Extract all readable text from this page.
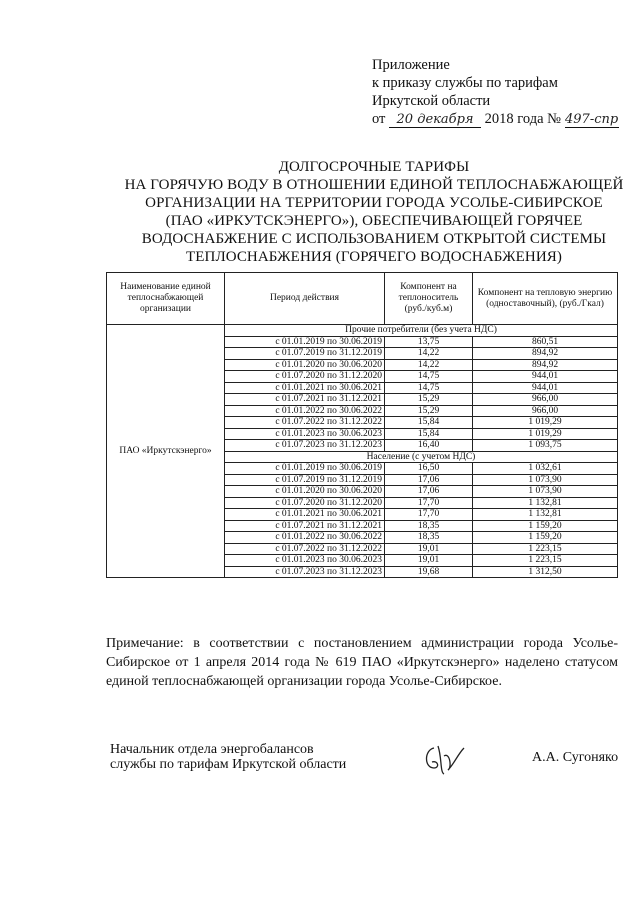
Приложение
к приказу службы по тарифам
Иркутской области
от 20 декабря 2018 года № 497-спр
ДОЛГОСРОЧНЫЕ ТАРИФЫ
НА ГОРЯЧУЮ ВОДУ В ОТНОШЕНИИ ЕДИНОЙ ТЕПЛОСНАБЖАЮЩЕЙ
ОРГАНИЗАЦИИ НА ТЕРРИТОРИИ ГОРОДА УСОЛЬЕ-СИБИРСКОЕ
(ПАО «ИРКУТСКЭНЕРГО»), ОБЕСПЕЧИВАЮЩЕЙ ГОРЯЧЕЕ
ВОДОСНАБЖЕНИЕ С ИСПОЛЬЗОВАНИЕМ ОТКРЫТОЙ СИСТЕМЫ
ТЕПЛОСНАБЖЕНИЯ (ГОРЯЧЕГО ВОДОСНАБЖЕНИЯ)
Наименование единой теплоснабжающей организации	Период действия	Компонент на теплоноситель (руб./куб.м)	Компонент на тепловую энергию (одноставочный), (руб./Гкал)
ПАО «Иркутскэнерго»	Прочие потребители (без учета НДС)		
	с 01.01.2019 по 30.06.2019	13,75	860,51
	с 01.07.2019 по 31.12.2019	14,22	894,92
	с 01.01.2020 по 30.06.2020	14,22	894,92
	с 01.07.2020 по 31.12.2020	14,75	944,01
	с 01.01.2021 по 30.06.2021	14,75	944,01
	с 01.07.2021 по 31.12.2021	15,29	966,00
	с 01.01.2022 по 30.06.2022	15,29	966,00
	с 01.07.2022 по 31.12.2022	15,84	1 019,29
	с 01.01.2023 по 30.06.2023	15,84	1 019,29
	с 01.07.2023 по 31.12.2023	16,40	1 093,75
	Население (с учетом НДС)		
	с 01.01.2019 по 30.06.2019	16,50	1 032,61
	с 01.07.2019 по 31.12.2019	17,06	1 073,90
	с 01.01.2020 по 30.06.2020	17,06	1 073,90
	с 01.07.2020 по 31.12.2020	17,70	1 132,81
	с 01.01.2021 по 30.06.2021	17,70	1 132,81
	с 01.07.2021 по 31.12.2021	18,35	1 159,20
	с 01.01.2022 по 30.06.2022	18,35	1 159,20
	с 01.07.2022 по 31.12.2022	19,01	1 223,15
	с 01.01.2023 по 30.06.2023	19,01	1 223,15
	с 01.07.2023 по 31.12.2023	19,68	1 312,50
Примечание: в соответствии с постановлением администрации города Усолье-Сибирское от 1 апреля 2014 года № 619 ПАО «Иркутскэнерго» наделено статусом единой теплоснабжающей организации города Усолье-Сибирское.
Начальник отдела энергобалансов
службы по тарифам Иркутской области	А.А. Сугоняко
